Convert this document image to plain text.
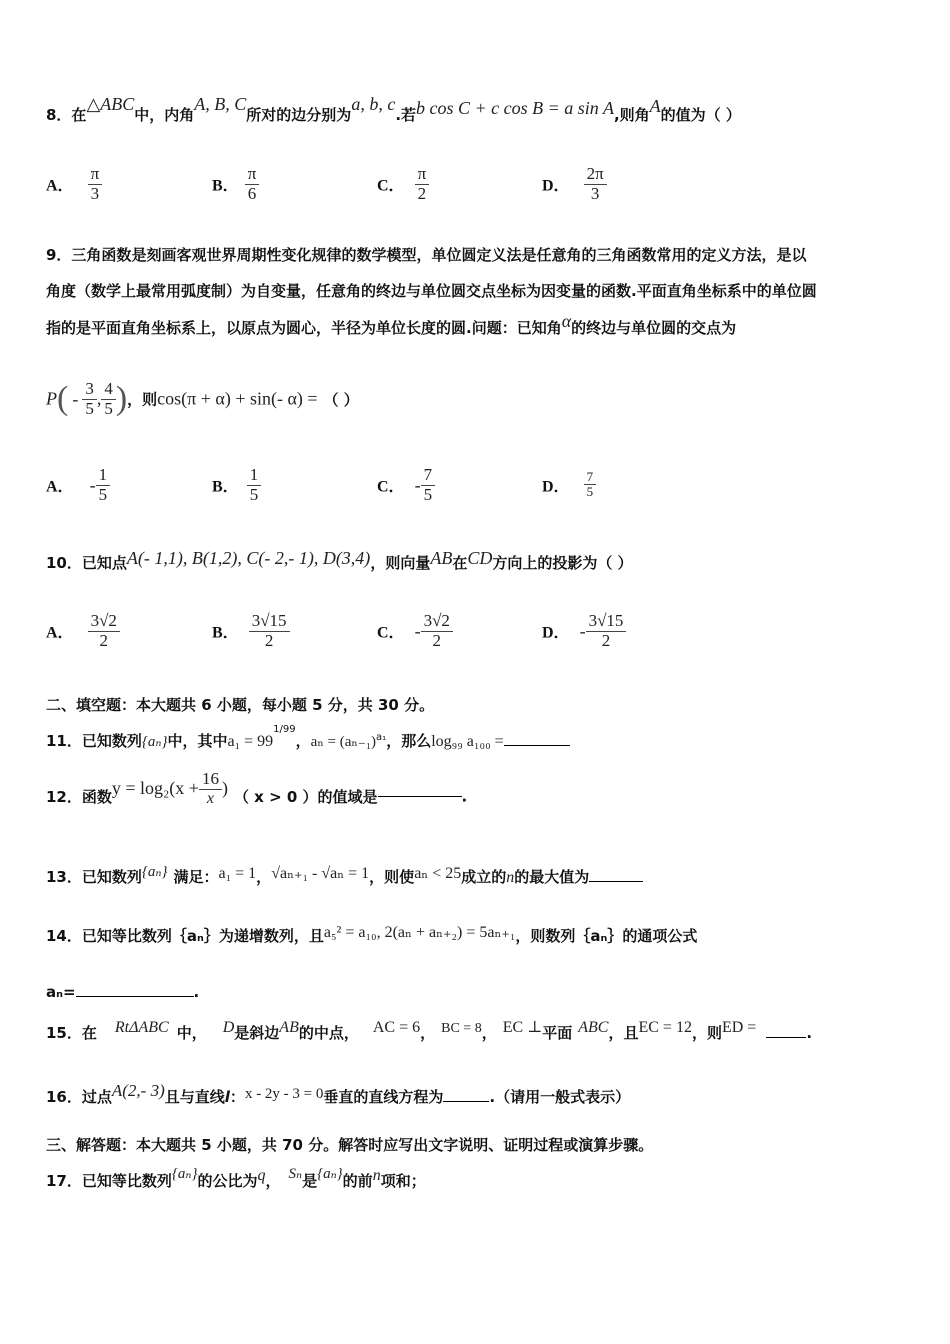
8．在△ABC中，内角A, B, C所对的边分别为a, b, c.若b cos C + c cos B = a sin A,则角A的值为（ ）
A． $\frac{\pi}{3}$	B． $\frac{\pi}{6}$	C． $\frac{\pi}{2}$	D． $\frac{2\pi}{3}$
9．三角函数是刻画客观世界周期性变化规律的数学模型，单位圆定义法是任意角的三角函数常用的定义方法，是以
角度（数学上最常用弧度制）为自变量，任意角的终边与单位圆交点坐标为因变量的函数.平面直角坐标系中的单位圆
指的是平面直角坐标系上，以原点为圆心，半径为单位长度的圆.问题：已知角α的终边与单位圆的交点为
$P( - \frac{3}{5}$ , $\frac{4}{5}$ )，则cos(π + α) + sin(- α) = （ ）
A． - $\frac{1}{5}$	B． $\frac{1}{5}$	C． - $\frac{7}{5}$	D． $\frac{7}{5}$
10．已知点A(- 1,1), B(1,2), C(- 2,- 1), D(3,4)，则向量AB在CD方向上的投影为（ ）
A． $\frac{3√2}{2}$	B． $\frac{3√15}{2}$	C． - $\frac{3√2}{2}$	D． - $\frac{3√15}{2}$
二、填空题：本大题共 6 小题，每小题 5 分，共 30 分。
11．已知数列{aₙ}中，其中$a_1 = 99^{1/99}$，$a_n = (a_{n-1})^{a_1}$，那么log₉₉ a₁₀₀ =
12．函数$y = \log_2(x + \frac{16}{x}$ ) （ x > 0 ）的值域是	.
13．已知数列{aₙ} 满足：a₁ = 1，√aₙ₊₁ - √aₙ = 1，则使aₙ < 25成立的n的最大值为
14．已知等比数列｛aₙ｝为递增数列，且a₅² = a₁₀, 2(aₙ + aₙ₊₂) = 5aₙ₊₁，则数列｛aₙ｝的通项公式
aₙ=	.
15．在 RtΔABC 中， D是斜边AB的中点， AC = 6， BC = 8， EC ⊥平面 ABC，且EC = 12，则ED =	.
16．过点A(2,- 3)且与直线l：x - 2y - 3 = 0垂直的直线方程为	.（请用一般式表示）
三、解答题：本大题共 5 小题，共 70 分。解答时应写出文字说明、证明过程或演算步骤。
17．已知等比数列{aₙ}的公比为q， Sₙ是{aₙ}的前n项和；
